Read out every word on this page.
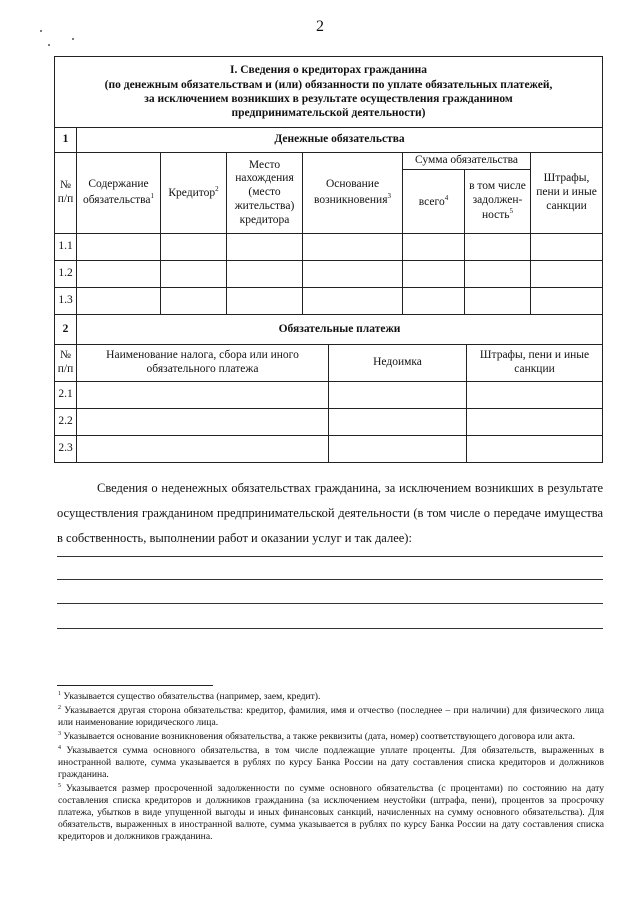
2
I. Сведения о кредиторах гражданина
(по денежным обязательствам и (или) обязанности по уплате обязательных платежей,
за исключением возникших в результате осуществления гражданином
предпринимательской деятельности)									

1	Денежные обязательства								
№ п/п	Содержание обязательства$^1$	Кредитор$^2$	Место нахождения (место жительства) кредитора	Основание возникновения$^3$		Сумма обязательства			Штрафы, пени и иные санкции
						всего$^4$	в том числе задолжен-ность$^5$
1.1									
1.2									
1.3									
2	Обязательные платежи								
№ п/п	Наименование налога, сбора или иного обязательного платежа				Недоимка			Штрафы, пени и иные санкции	
2.1									
2.2									
2.3									
Сведения о неденежных обязательствах гражданина, за исключением возникших в результате осуществления гражданином предпринимательской деятельности (в том числе о передаче имущества в собственность, выполнении работ и оказании услуг и так далее):

$^1$ Указывается существо обязательства (например, заем, кредит).

$^2$ Указывается другая сторона обязательства: кредитор, фамилия, имя и отчество (последнее – при наличии) для физического лица или наименование юридического лица.

$^3$ Указывается основание возникновения обязательства, а также реквизиты (дата, номер) соответствующего договора или акта.

$^4$ Указывается сумма основного обязательства, в том числе подлежащие уплате проценты. Для обязательств, выраженных в иностранной валюте, сумма указывается в рублях по курсу Банка России на дату составления списка кредиторов и должников гражданина.

$^5$ Указывается размер просроченной задолженности по сумме основного обязательства (с процентами) по состоянию на дату составления списка кредиторов и должников гражданина (за исключением неустойки (штрафа, пени), процентов за просрочку платежа, убытков в виде упущенной выгоды и иных финансовых санкций, начисленных на сумму основного обязательства). Для обязательств, выраженных в иностранной валюте, сумма указывается в рублях по курсу Банка России на дату составления списка кредиторов и должников гражданина.
